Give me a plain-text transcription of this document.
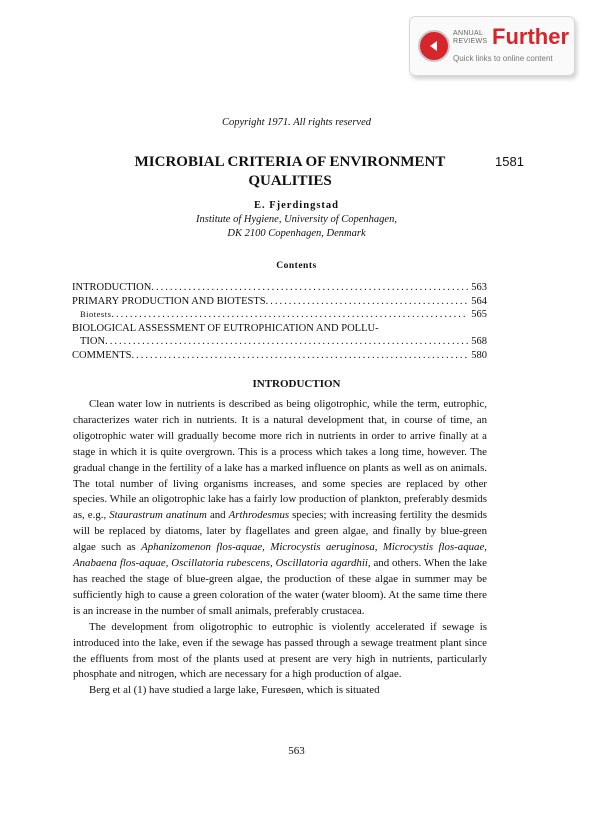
ANNUAL
REVIEWS Further
Quick links to online content
Copyright 1971. All rights reserved
MICROBIAL CRITERIA OF ENVIRONMENT
QUALITIES
1581
E. Fjerdingstad
Institute of Hygiene, University of Copenhagen,
DK 2100 Copenhagen, Denmark
Contents
INTRODUCTION .....	563
PRIMARY PRODUCTION AND BIOTESTS .....	564
Biotests .....	565
BIOLOGICAL ASSESSMENT OF EUTROPHICATION AND POLLU-
TION .....	568
COMMENTS .....	580
INTRODUCTION

Clean water low in nutrients is described as being oligotrophic, while the term, eutrophic, characterizes water rich in nutrients. It is a natural development that, in course of time, an oligotrophic water will gradually become more rich in nutrients in order to arrive finally at a stage in which it is quite overgrown. This is a process which takes a long time, however. The gradual change in the fertility of a lake has a marked influence on plants as well as on animals. The total number of living organisms increases, and some species are replaced by other species. While an oligotrophic lake has a fairly low production of plankton, preferably desmids as, e.g., Staurastrum anatinum and Arthrodesmus species; with increasing fertility the desmids will be replaced by diatoms, later by flagellates and green algae, and finally by blue-green algae such as Aphanizomenon flos-aquae, Microcystis aeruginosa, Microcystis flos-aquae, Anabaena flos-aquae, Oscillatoria rubescens, Oscillatoria agardhii, and others. When the lake has reached the stage of blue-green algae, the production of these algae in summer may be sufficiently high to cause a green coloration of the water (water bloom). At the same time there is an increase in the number of small animals, preferably crustacea.

The development from oligotrophic to eutrophic is violently accelerated if sewage is introduced into the lake, even if the sewage has passed through a sewage treatment plant since the effluents from most of the plants used at present are very high in nutrients, particularly phosphate and nitrogen, which are necessary for a high production of algae.

Berg et al (1) have studied a large lake, Furesøen, which is situated

563
